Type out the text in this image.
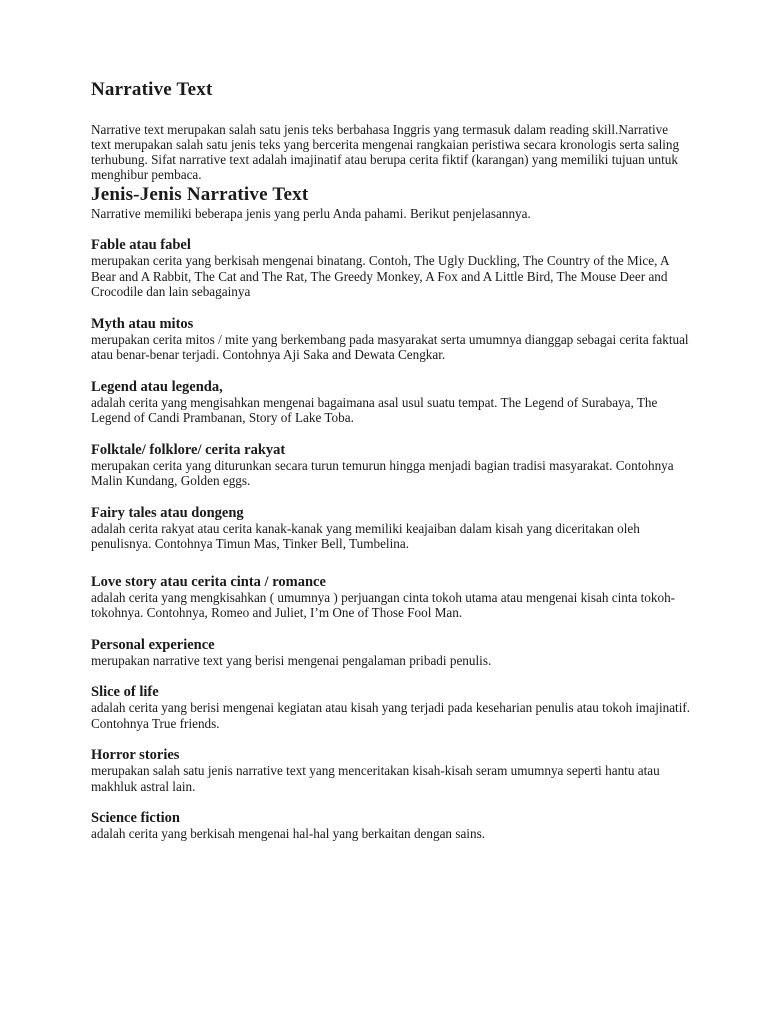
Narrative Text

Narrative text merupakan salah satu jenis teks berbahasa Inggris yang termasuk dalam reading skill.Narrative text merupakan salah satu jenis teks yang bercerita mengenai rangkaian peristiwa secara kronologis serta saling terhubung. Sifat narrative text adalah imajinatif atau berupa cerita fiktif (karangan) yang memiliki tujuan untuk menghibur pembaca.

Jenis-Jenis Narrative Text

Narrative memiliki beberapa jenis yang perlu Anda pahami. Berikut penjelasannya.

Fable atau fabel

merupakan cerita yang berkisah mengenai binatang. Contoh, The Ugly Duckling, The Country of the Mice, A Bear and A Rabbit, The Cat and The Rat, The Greedy Monkey, A Fox and A Little Bird, The Mouse Deer and Crocodile dan lain sebagainya

Myth atau mitos

merupakan cerita mitos / mite yang berkembang pada masyarakat serta umumnya dianggap sebagai cerita faktual atau benar-benar terjadi. Contohnya Aji Saka and Dewata Cengkar.

Legend atau legenda,

adalah cerita yang mengisahkan mengenai bagaimana asal usul suatu tempat. The Legend of Surabaya, The Legend of Candi Prambanan, Story of Lake Toba.

Folktale/ folklore/ cerita rakyat

merupakan cerita yang diturunkan secara turun temurun hingga menjadi bagian tradisi masyarakat. Contohnya Malin Kundang, Golden eggs.

Fairy tales atau dongeng

adalah cerita rakyat atau cerita kanak-kanak yang memiliki keajaiban dalam kisah yang diceritakan oleh penulisnya. Contohnya Timun Mas, Tinker Bell, Tumbelina.

Love story atau cerita cinta / romance

adalah cerita yang mengkisahkan ( umumnya ) perjuangan cinta tokoh utama atau mengenai kisah cinta tokoh-tokohnya. Contohnya, Romeo and Juliet, I’m One of Those Fool Man.

Personal experience

merupakan narrative text yang berisi mengenai pengalaman pribadi penulis.

Slice of life

adalah cerita yang berisi mengenai kegiatan atau kisah yang terjadi pada keseharian penulis atau tokoh imajinatif. Contohnya True friends.

Horror stories

merupakan salah satu jenis narrative text yang menceritakan kisah-kisah seram umumnya seperti hantu atau makhluk astral lain.

Science fiction

adalah cerita yang berkisah mengenai hal-hal yang berkaitan dengan sains.
